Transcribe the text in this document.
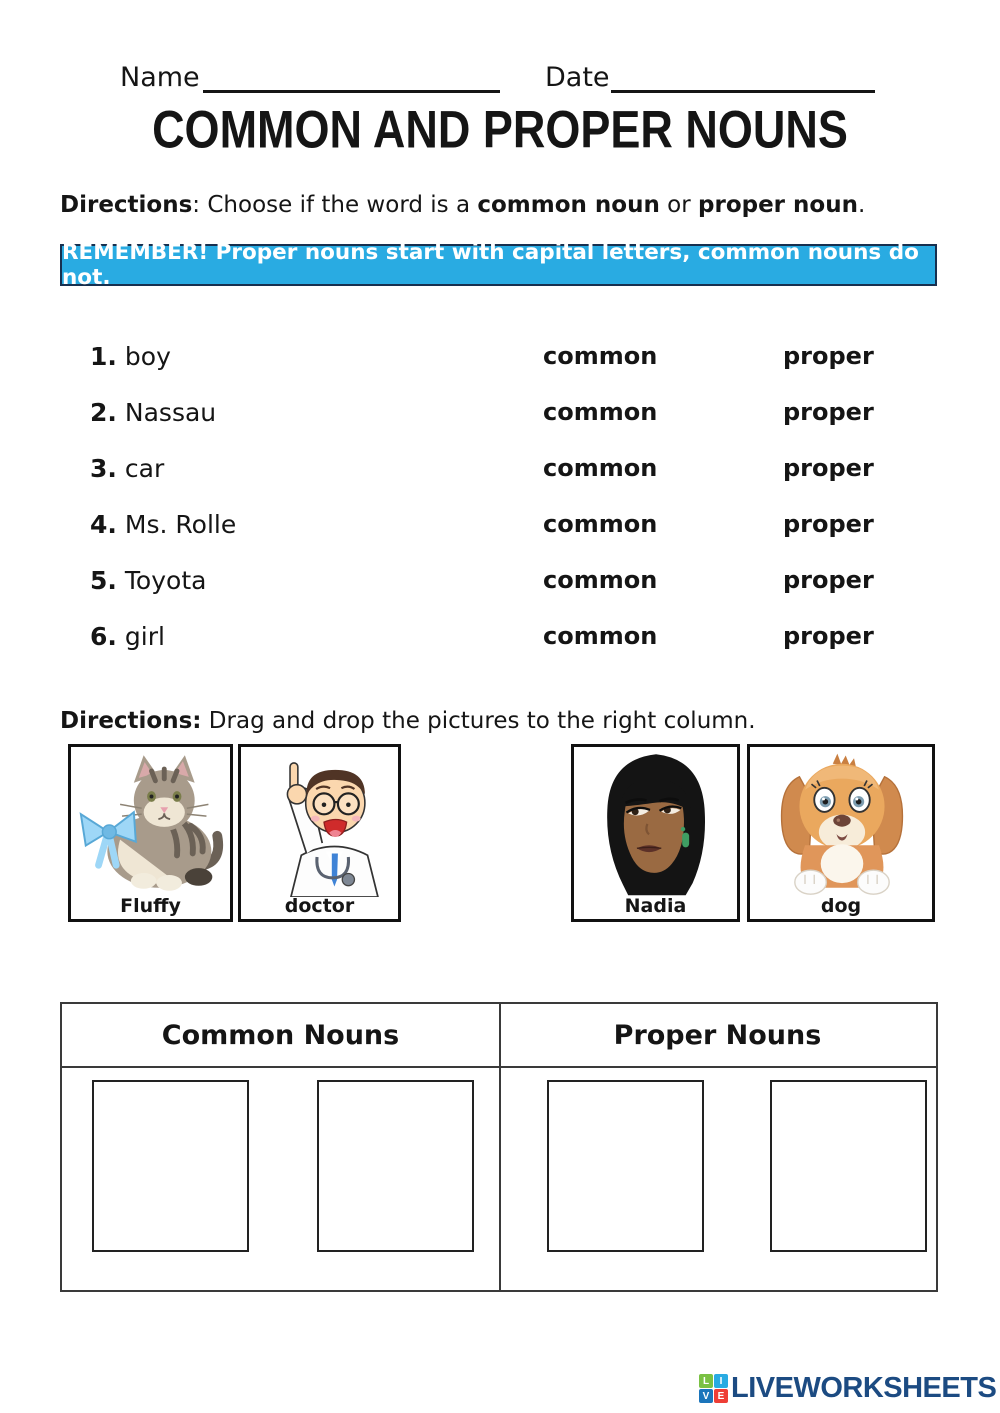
Name	Date
COMMON AND PROPER NOUNS
Directions: Choose if the word is a common noun or proper noun.
REMEMBER! Proper nouns start with capital letters, common nouns do not.
1. boy	common	proper
2. Nassau	common	proper
3. car	common	proper
4. Ms. Rolle	common	proper
5. Toyota	common	proper
6. girl	common	proper
Directions: Drag and drop the pictures to the right column.
Fluffy	doctor	Nadia	dog
Common Nouns	Proper Nouns
L	I
V E LIVEWORKSHEETS
